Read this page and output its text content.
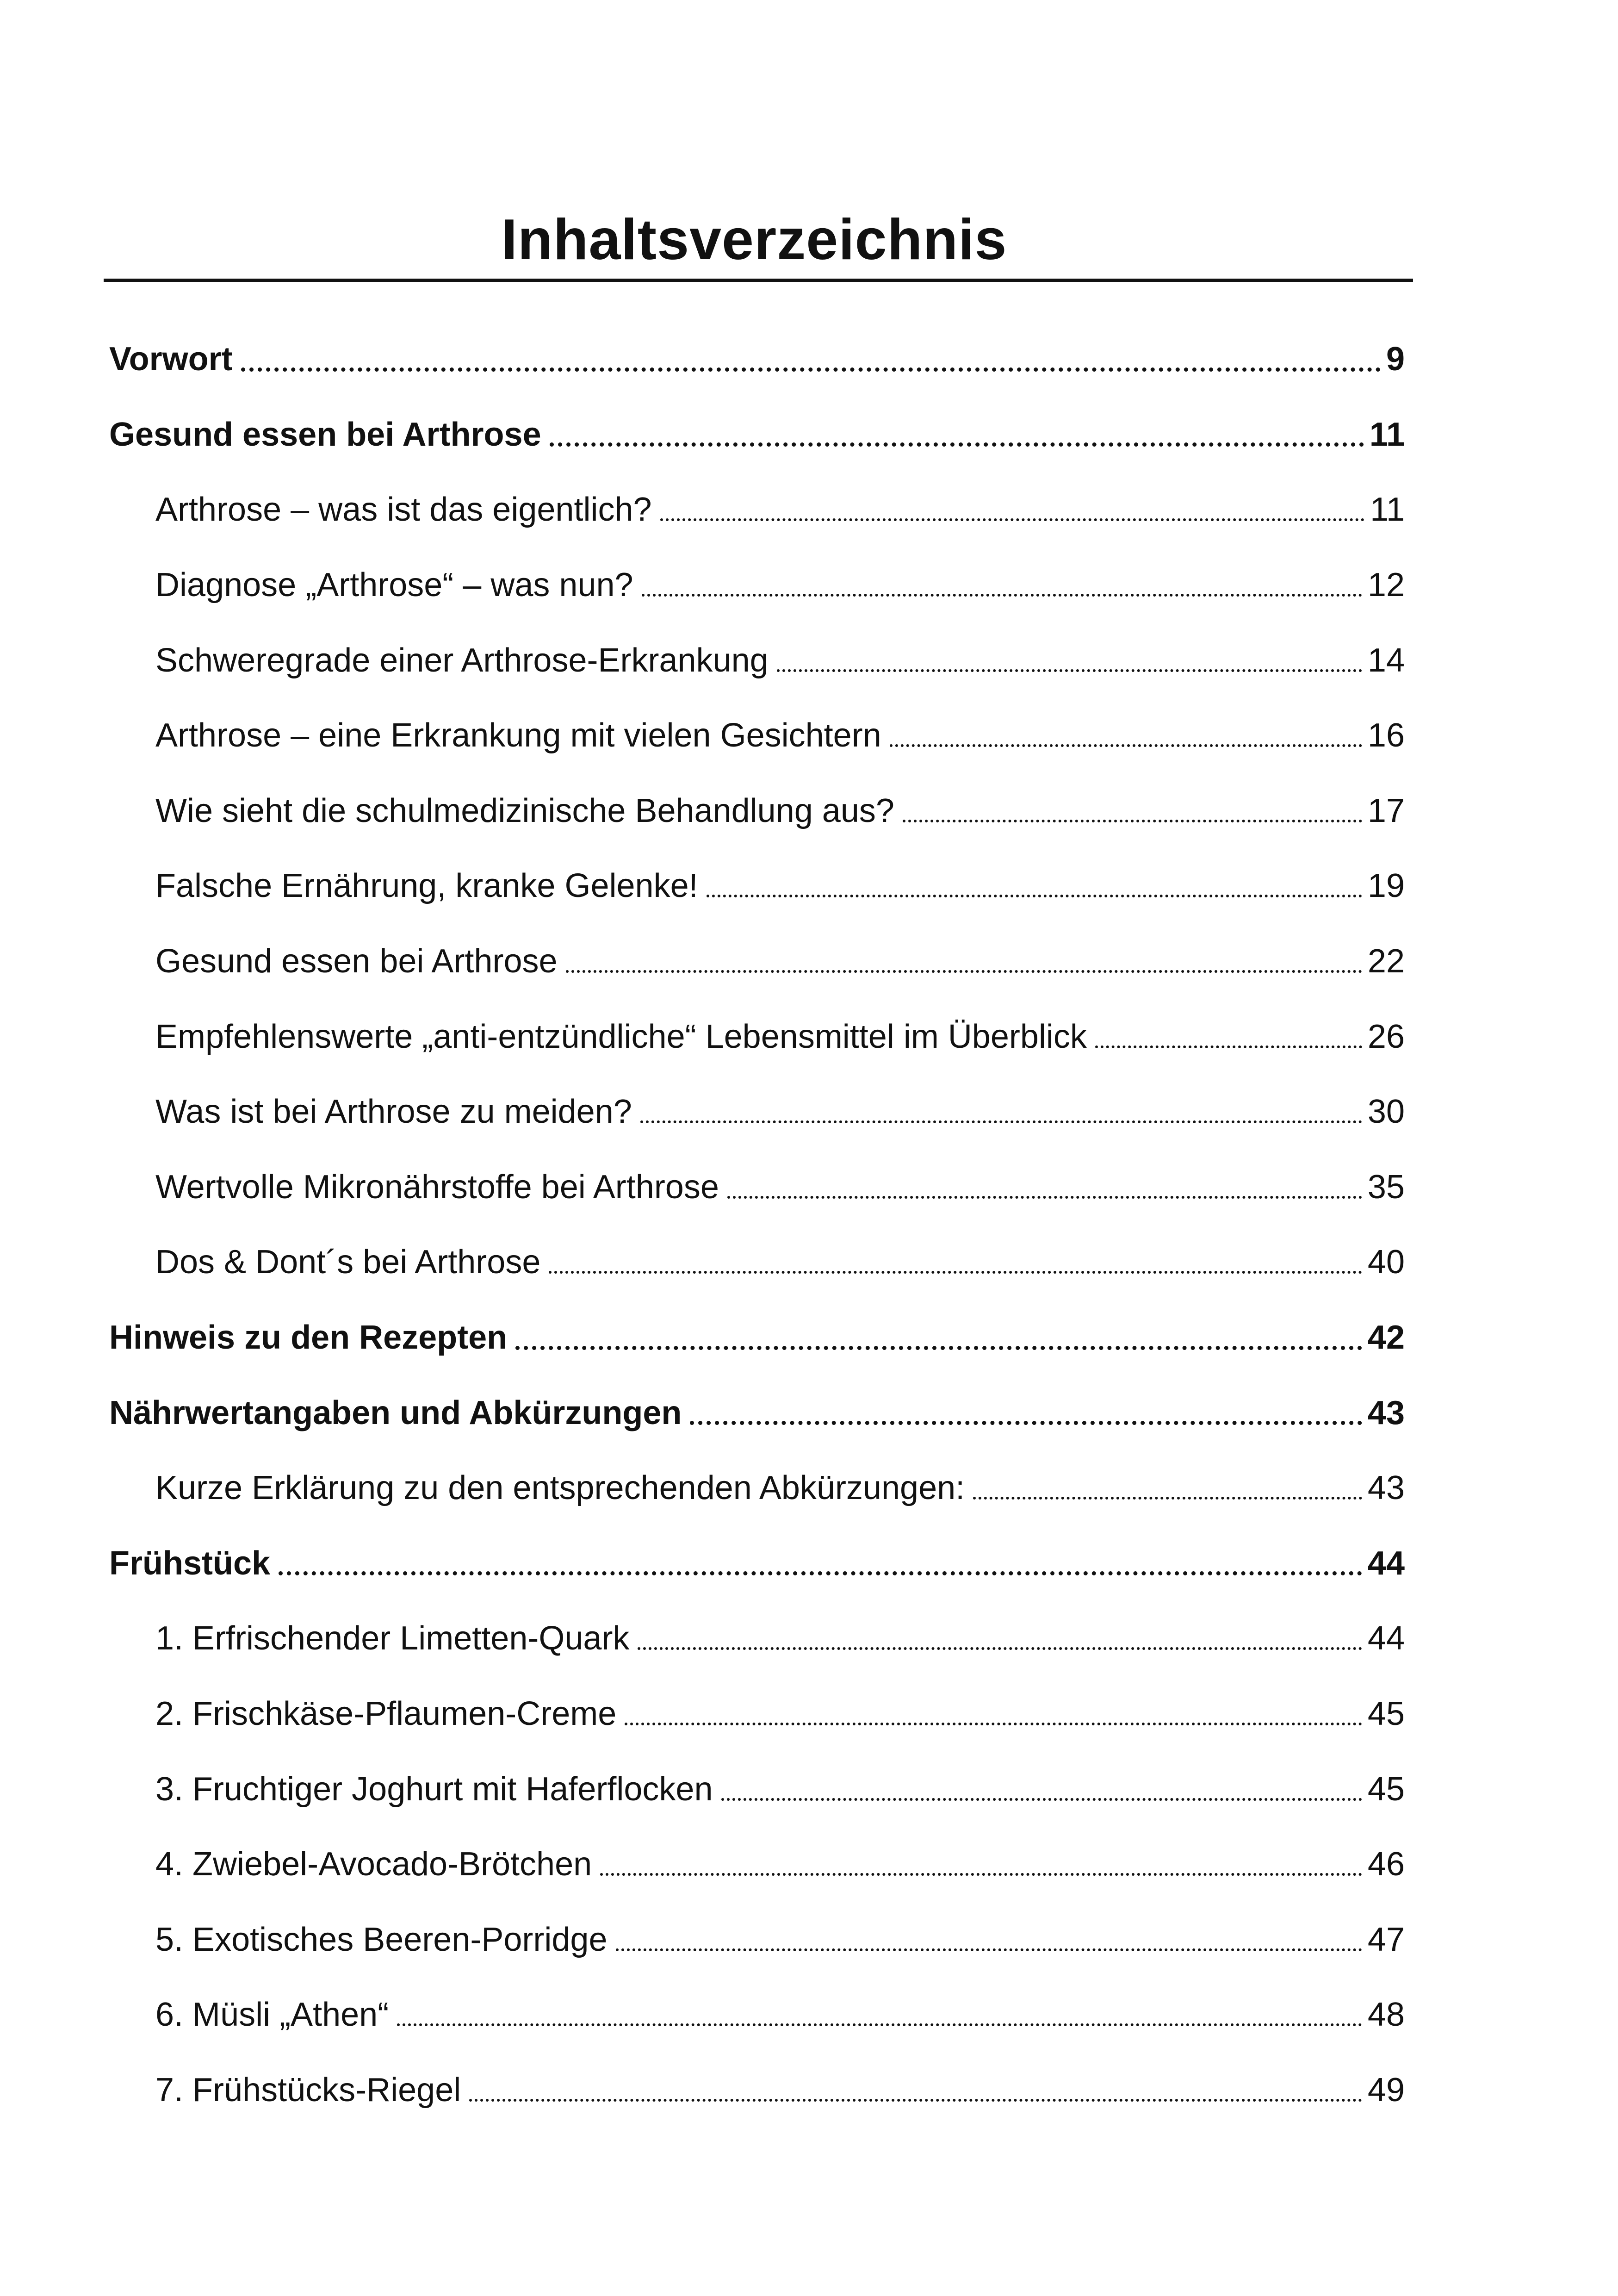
Inhaltsverzeichnis
Vorwort	9
Gesund essen bei Arthrose	11
Arthrose – was ist das eigentlich?	11
Diagnose „Arthrose“ – was nun?	12
Schweregrade einer Arthrose-Erkrankung	14
Arthrose – eine Erkrankung mit vielen Gesichtern	16
Wie sieht die schulmedizinische Behandlung aus?	17
Falsche Ernährung, kranke Gelenke!	19
Gesund essen bei Arthrose	22
Empfehlenswerte „anti-entzündliche“ Lebensmittel im Überblick	26
Was ist bei Arthrose zu meiden?	30
Wertvolle Mikronährstoffe bei Arthrose	35
Dos & Dont´s bei Arthrose	40
Hinweis zu den Rezepten	42
Nährwertangaben und Abkürzungen	43
Kurze Erklärung zu den entsprechenden Abkürzungen:	43
Frühstück	44
1. Erfrischender Limetten-Quark	44
2. Frischkäse-Pflaumen-Creme	45
3. Fruchtiger Joghurt mit Haferflocken	45
4. Zwiebel-Avocado-Brötchen	46
5. Exotisches Beeren-Porridge	47
6. Müsli „Athen“	48
7. Frühstücks-Riegel	49
